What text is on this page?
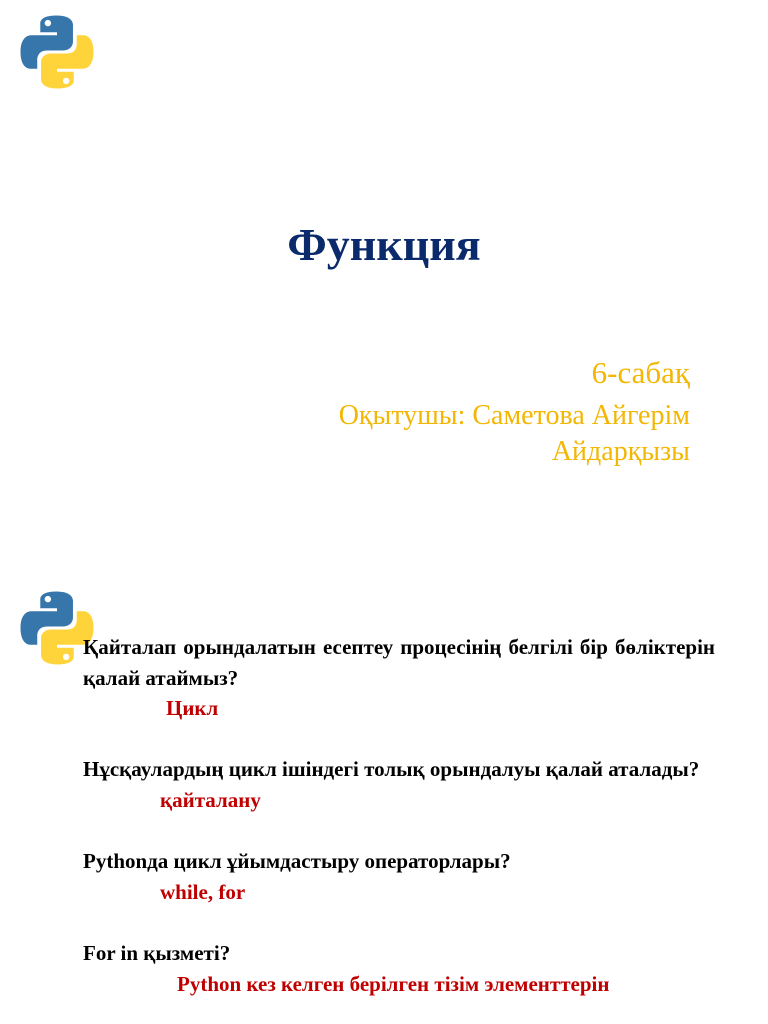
Функция
6-сабақ
Оқытушы: Саметова Айгерім
Айдарқызы

Қайталап орындалатын есептеу процесінің белгілі бір бөліктерін қалай атаймыз?

Цикл

Нұсқаулардың цикл ішіндегі толық орындалуы қалай аталады?

қайталану

Pythonда цикл ұйымдастыру операторлары?

while, for

For in қызметі?

Python кез келген берілген тізім элементтерін
